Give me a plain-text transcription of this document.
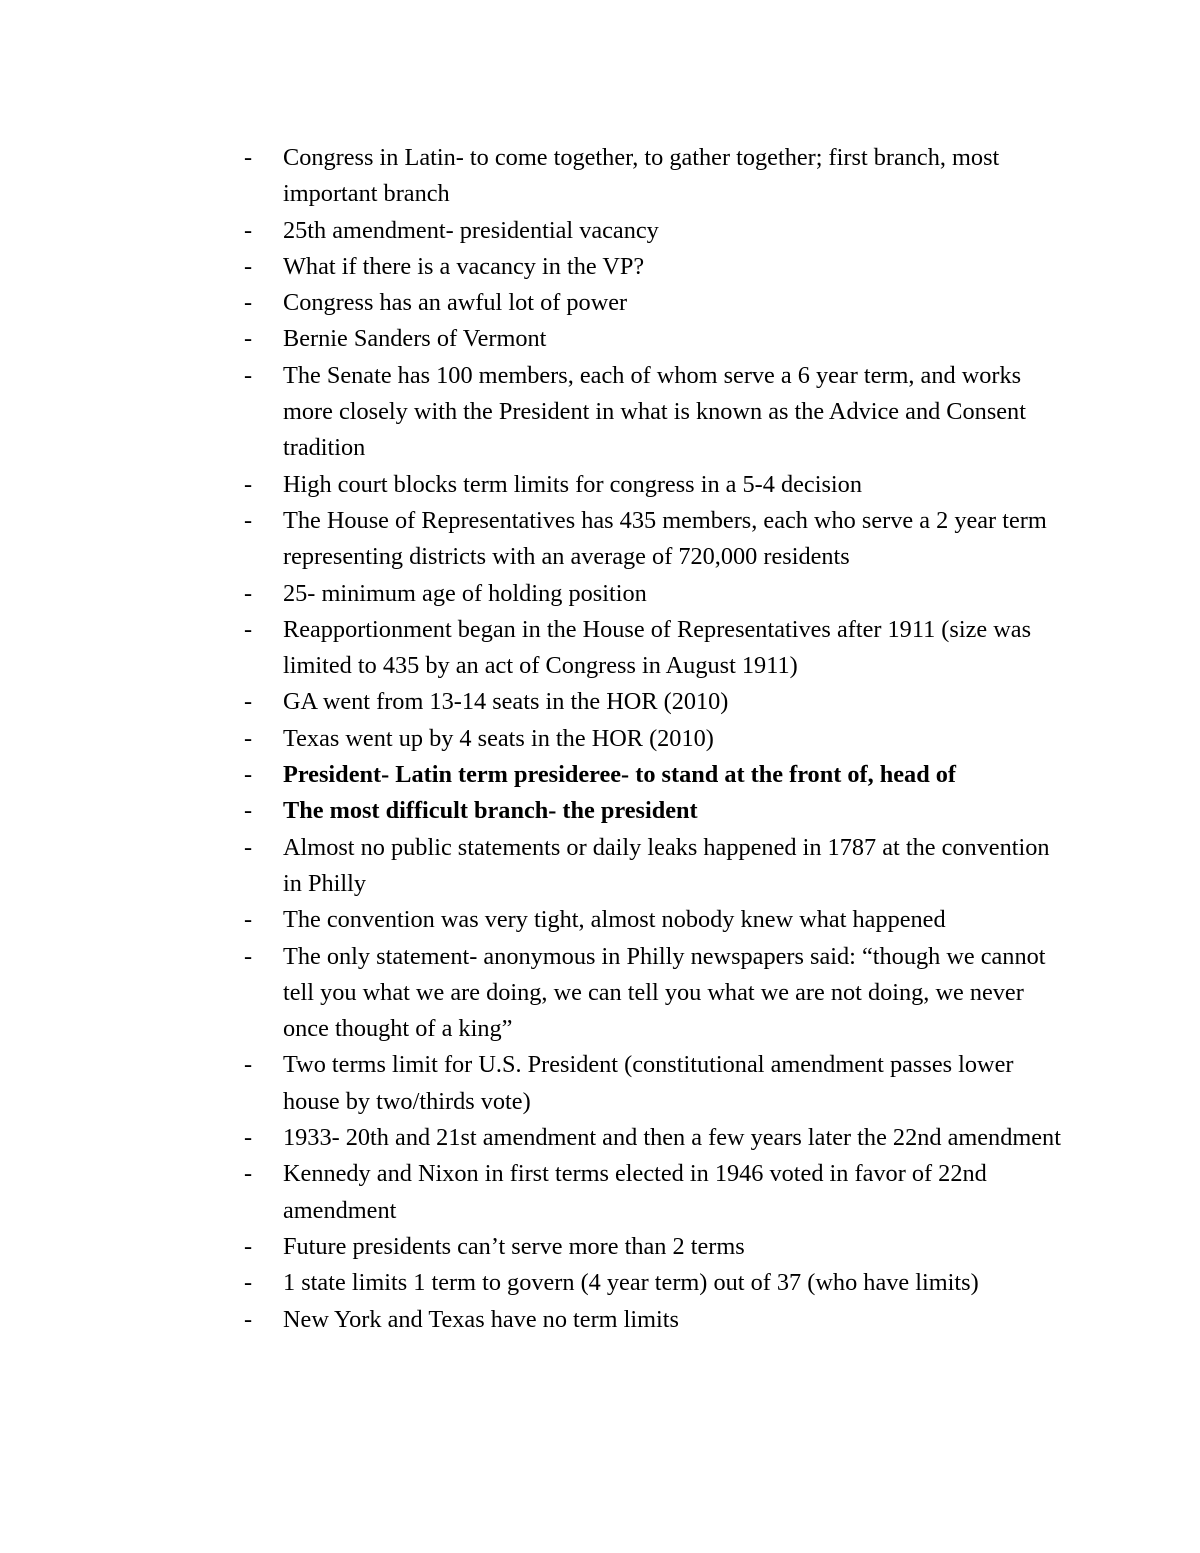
- Congress in Latin- to come together, to gather together; first branch, most important branch
- 25th amendment- presidential vacancy
- What if there is a vacancy in the VP?
- Congress has an awful lot of power
- Bernie Sanders of Vermont
- The Senate has 100 members, each of whom serve a 6 year term, and works more closely with the President in what is known as the Advice and Consent tradition
- High court blocks term limits for congress in a 5-4 decision
- The House of Representatives has 435 members, each who serve a 2 year term representing districts with an average of 720,000 residents
- 25- minimum age of holding position
- Reapportionment began in the House of Representatives after 1911 (size was limited to 435 by an act of Congress in August 1911)
- GA went from 13-14 seats in the HOR (2010)
- Texas went up by 4 seats in the HOR (2010)
- President- Latin term presideree- to stand at the front of, head of
- The most difficult branch- the president
- Almost no public statements or daily leaks happened in 1787 at the convention in Philly
- The convention was very tight, almost nobody knew what happened
- The only statement- anonymous in Philly newspapers said: “though we cannot tell you what we are doing, we can tell you what we are not doing, we never once thought of a king”
- Two terms limit for U.S. President (constitutional amendment passes lower house by two/thirds vote)
- 1933- 20th and 21st amendment and then a few years later the 22nd amendment
- Kennedy and Nixon in first terms elected in 1946 voted in favor of 22nd amendment
- Future presidents can’t serve more than 2 terms
- 1 state limits 1 term to govern (4 year term) out of 37 (who have limits)
- New York and Texas have no term limits
